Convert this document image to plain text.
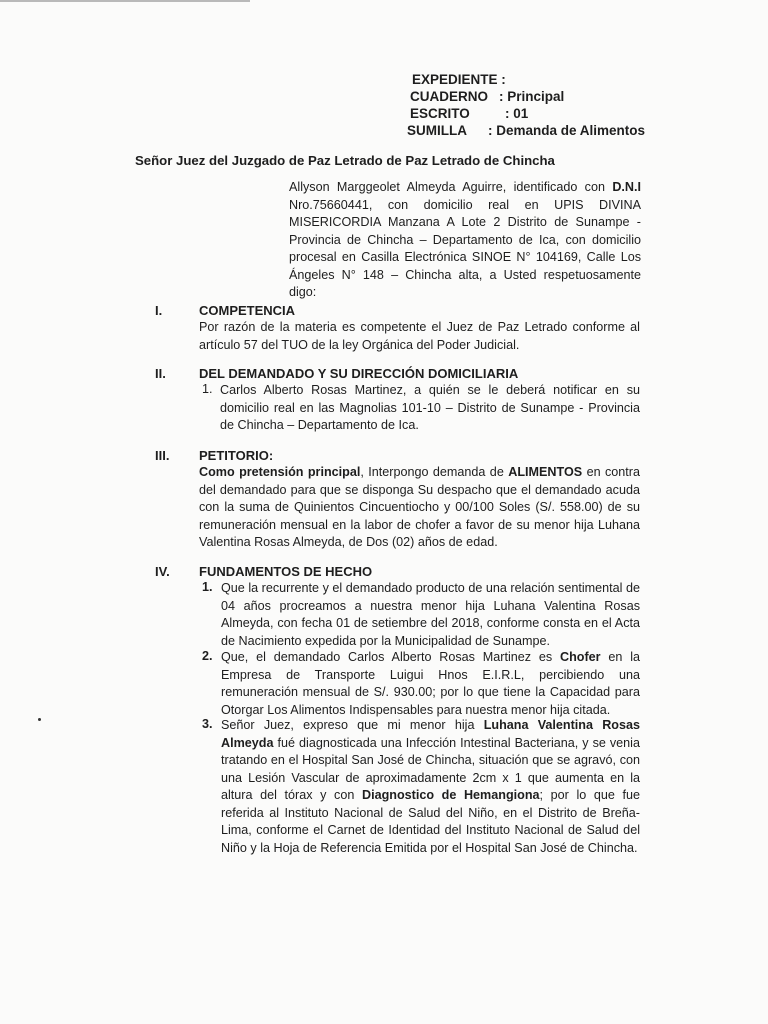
EXPEDIENTE :
CUADERNO : Principal
ESCRITO	: 01
SUMILLA	: Demanda de Alimentos
Señor Juez del Juzgado de Paz Letrado de Paz Letrado de Chincha
Allyson Marggeolet Almeyda Aguirre, identificado con D.N.I Nro.75660441, con domicilio real en UPIS DIVINA MISERICORDIA Manzana A Lote 2 Distrito de Sunampe - Provincia de Chincha – Departamento de Ica, con domicilio procesal en Casilla Electrónica SINOE N° 104169, Calle Los Ángeles N° 148 – Chincha alta, a Usted respetuosamente digo:
I.	COMPETENCIA
Por razón de la materia es competente el Juez de Paz Letrado conforme al artículo 57 del TUO de la ley Orgánica del Poder Judicial.
II.	DEL DEMANDADO Y SU DIRECCIÓN DOMICILIARIA
1. Carlos Alberto Rosas Martinez, a quién se le deberá notificar en su domicilio real en las Magnolias 101-10 – Distrito de Sunampe - Provincia de Chincha – Departamento de Ica.
III. PETITORIO:
Como pretensión principal, Interpongo demanda de ALIMENTOS en contra del demandado para que se disponga Su despacho que el demandado acuda con la suma de Quinientos Cincuentiocho y 00/100 Soles (S/. 558.00) de su remuneración mensual en la labor de chofer a favor de su menor hija Luhana Valentina Rosas Almeyda, de Dos (02) años de edad.
IV. FUNDAMENTOS DE HECHO
1. Que la recurrente y el demandado producto de una relación sentimental de 04 años procreamos a nuestra menor hija Luhana Valentina Rosas Almeyda, con fecha 01 de setiembre del 2018, conforme consta en el Acta de Nacimiento expedida por la Municipalidad de Sunampe.
2. Que, el demandado Carlos Alberto Rosas Martinez es Chofer en la Empresa de Transporte Luigui Hnos E.I.R.L, percibiendo una remuneración mensual de S/. 930.00; por lo que tiene la Capacidad para Otorgar Los Alimentos Indispensables para nuestra menor hija citada.
3. Señor Juez, expreso que mi menor hija Luhana Valentina Rosas Almeyda fué diagnosticada una Infección Intestinal Bacteriana, y se venia tratando en el Hospital San José de Chincha, situación que se agravó, con una Lesión Vascular de aproximadamente 2cm x 1 que aumenta en la altura del tórax y con Diagnostico de Hemangiona; por lo que fue referida al Instituto Nacional de Salud del Niño, en el Distrito de Breña-Lima, conforme el Carnet de Identidad del Instituto Nacional de Salud del Niño y la Hoja de Referencia Emitida por el Hospital San José de Chincha.
